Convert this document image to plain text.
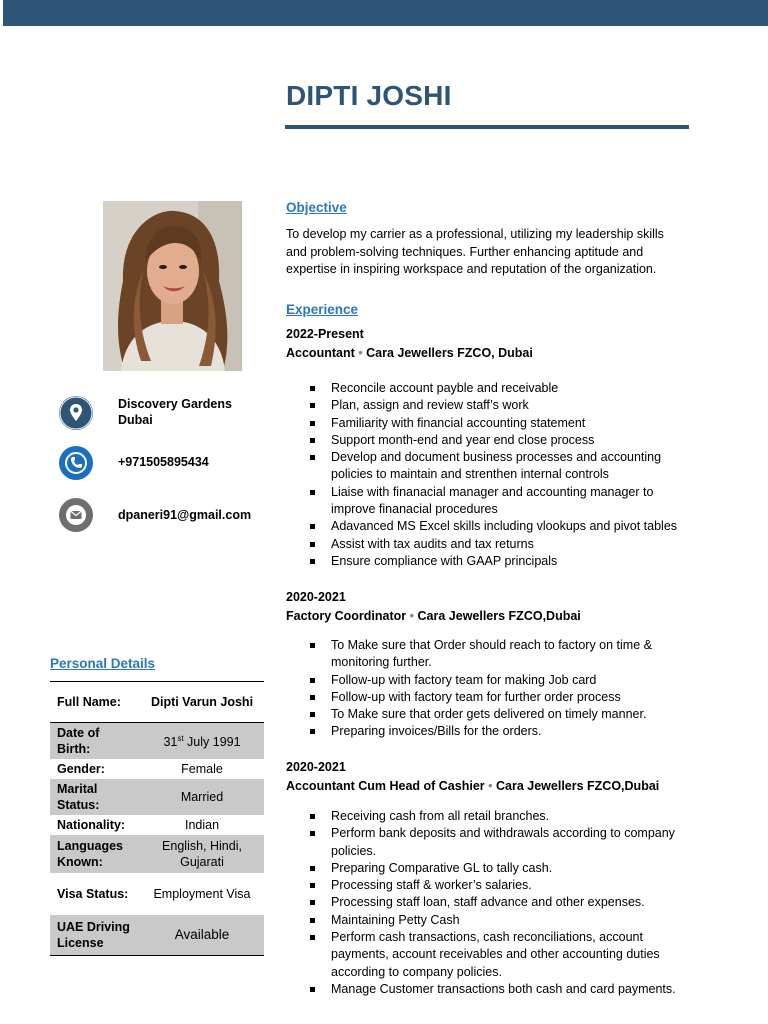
DIPTI JOSHI
Discovery Gardens
Dubai
+971505895434
dpaneri91@gmail.com
Personal Details
Full Name:	Dipti Varun Joshi
Date of Birth:	31st July 1991
Gender:	Female
Marital Status:	Married
Nationality:	Indian
Languages Known:	English, Hindi, Gujarati
Visa Status:	Employment Visa
UAE Driving License	Available
Objective
To develop my carrier as a professional, utilizing my leadership skills and problem-solving techniques. Further enhancing aptitude and expertise in inspiring workspace and reputation of the organization.
Experience
2022-Present
Accountant • Cara Jewellers FZCO, Dubai
Reconcile account payble and receivable
Plan, assign and review staff’s work
Familiarity with financial accounting statement
Support month-end and year end close process
Develop and document business processes and accounting policies to maintain and strenthen internal controls
Liaise with finanacial manager and accounting manager to improve finanacial procedures
Adavanced MS Excel skills including vlookups and pivot tables
Assist with tax audits and tax returns
Ensure compliance with GAAP principals
2020-2021
Factory Coordinator • Cara Jewellers FZCO,Dubai
To Make sure that Order should reach to factory on time & monitoring further.
Follow-up with factory team for making Job card
Follow-up with factory team for further order process
To Make sure that order gets delivered on timely manner.
Preparing invoices/Bills for the orders.
2020-2021
Accountant Cum Head of Cashier • Cara Jewellers FZCO,Dubai
Receiving cash from all retail branches.
Perform bank deposits and withdrawals according to company policies.
Preparing Comparative GL to tally cash.
Processing staff & worker’s salaries.
Processing staff loan, staff advance and other expenses.
Maintaining Petty Cash
Perform cash transactions, cash reconciliations, account payments, account receivables and other accounting duties according to company policies.
Manage Customer transactions both cash and card payments.
